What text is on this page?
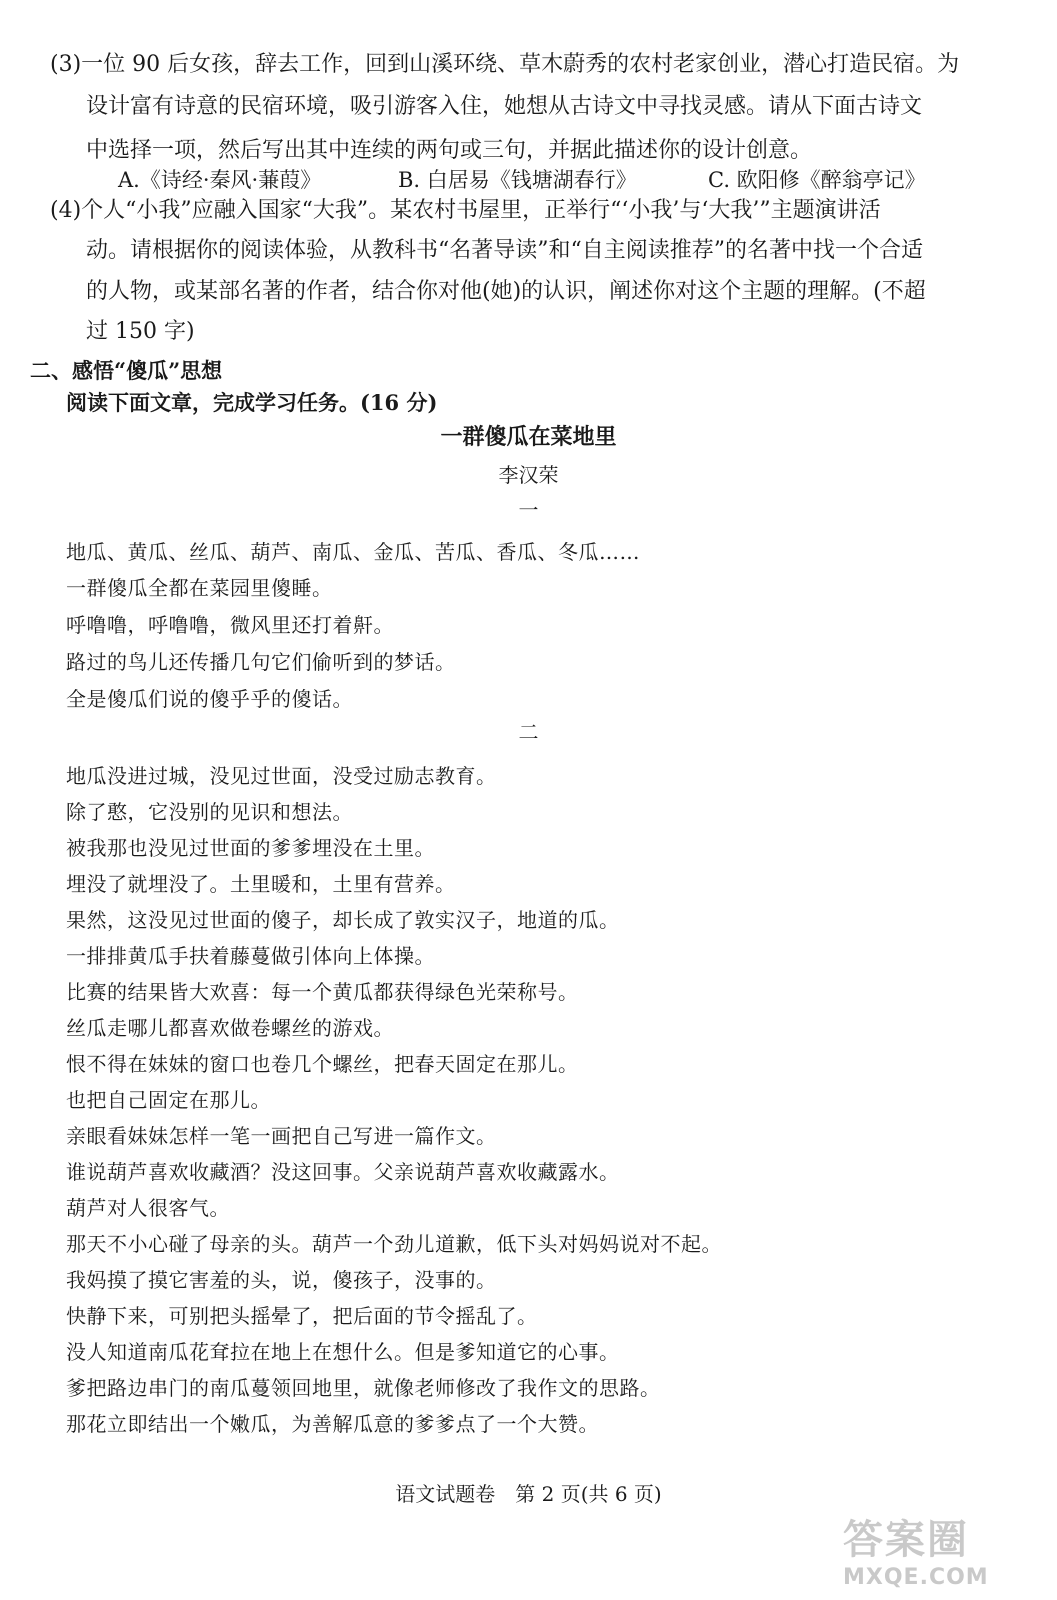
(3)一位 90 后女孩，辞去工作，回到山溪环绕、草木蔚秀的农村老家创业，潜心打造民宿。为
设计富有诗意的民宿环境，吸引游客入住，她想从古诗文中寻找灵感。请从下面古诗文
中选择一项，然后写出其中连续的两句或三句，并据此描述你的设计创意。
A.《诗经·秦风·蒹葭》	B. 白居易《钱塘湖春行》	C. 欧阳修《醉翁亭记》
(4)个人“小我”应融入国家“大我”。某农村书屋里，正举行“‘小我’与‘大我’”主题演讲活
动。请根据你的阅读体验，从教科书“名著导读”和“自主阅读推荐”的名著中找一个合适
的人物，或某部名著的作者，结合你对他(她)的认识，阐述你对这个主题的理解。(不超
过 150 字)
二、感悟“傻瓜”思想
阅读下面文章，完成学习任务。(16 分)
一群傻瓜在菜地里
李汉荣
一
地瓜、黄瓜、丝瓜、葫芦、南瓜、金瓜、苦瓜、香瓜、冬瓜……
一群傻瓜全都在菜园里傻睡。
呼噜噜，呼噜噜，微风里还打着鼾。
路过的鸟儿还传播几句它们偷听到的梦话。
全是傻瓜们说的傻乎乎的傻话。
二
地瓜没进过城，没见过世面，没受过励志教育。
除了憨，它没别的见识和想法。
被我那也没见过世面的爹爹埋没在土里。
埋没了就埋没了。土里暖和，土里有营养。
果然，这没见过世面的傻子，却长成了敦实汉子，地道的瓜。
一排排黄瓜手扶着藤蔓做引体向上体操。
比赛的结果皆大欢喜：每一个黄瓜都获得绿色光荣称号。
丝瓜走哪儿都喜欢做卷螺丝的游戏。
恨不得在妹妹的窗口也卷几个螺丝，把春天固定在那儿。
也把自己固定在那儿。
亲眼看妹妹怎样一笔一画把自己写进一篇作文。
谁说葫芦喜欢收藏酒？没这回事。父亲说葫芦喜欢收藏露水。
葫芦对人很客气。
那天不小心碰了母亲的头。葫芦一个劲儿道歉，低下头对妈妈说对不起。
我妈摸了摸它害羞的头，说，傻孩子，没事的。
快静下来，可别把头摇晕了，把后面的节令摇乱了。
没人知道南瓜花耷拉在地上在想什么。但是爹知道它的心事。
爹把路边串门的南瓜蔓领回地里，就像老师修改了我作文的思路。
那花立即结出一个嫩瓜，为善解瓜意的爹爹点了一个大赞。
语文试题卷　第 2 页(共 6 页)
答案圈
MXQE.COM
